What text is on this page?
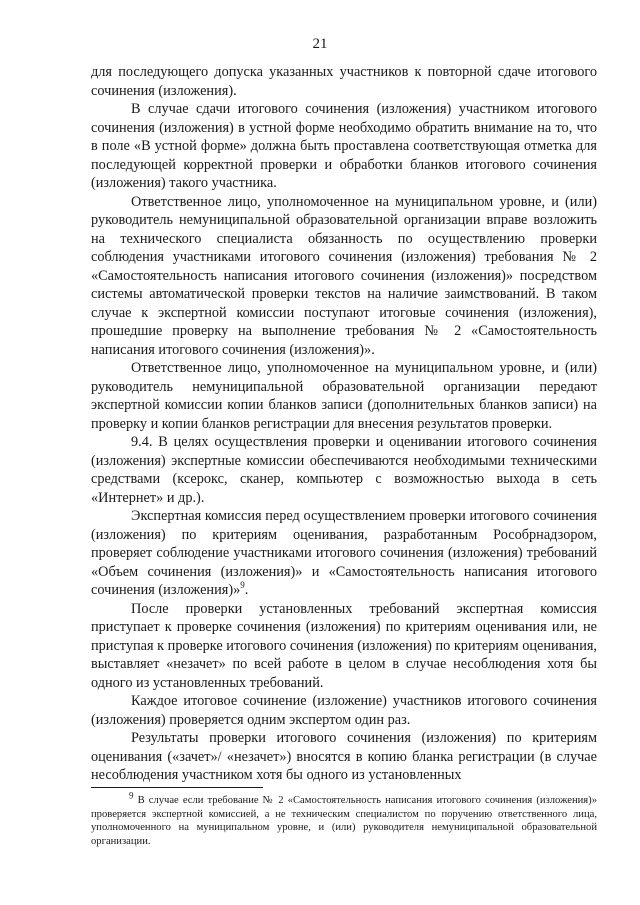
21

для последующего допуска указанных участников к повторной сдаче итогового сочинения (изложения).

В случае сдачи итогового сочинения (изложения) участником итогового сочинения (изложения) в устной форме необходимо обратить внимание на то, что в поле «В устной форме» должна быть проставлена соответствующая отметка для последующей корректной проверки и обработки бланков итогового сочинения (изложения) такого участника.

Ответственное лицо, уполномоченное на муниципальном уровне, и (или) руководитель немуниципальной образовательной организации вправе возложить на технического специалиста обязанность по осуществлению проверки соблюдения участниками итогового сочинения (изложения) требования № 2 «Самостоятельность написания итогового сочинения (изложения)» посредством системы автоматической проверки текстов на наличие заимствований. В таком случае к экспертной комиссии поступают итоговые сочинения (изложения), прошедшие проверку на выполнение требования № 2 «Самостоятельность написания итогового сочинения (изложения)».

Ответственное лицо, уполномоченное на муниципальном уровне, и (или) руководитель немуниципальной образовательной организации передают экспертной комиссии копии бланков записи (дополнительных бланков записи) на проверку и копии бланков регистрации для внесения результатов проверки.

9.4. В целях осуществления проверки и оценивании итогового сочинения (изложения) экспертные комиссии обеспечиваются необходимыми техническими средствами (ксерокс, сканер, компьютер с возможностью выхода в сеть «Интернет» и др.).

Экспертная комиссия перед осуществлением проверки итогового сочинения (изложения) по критериям оценивания, разработанным Рособрнадзором, проверяет соблюдение участниками итогового сочинения (изложения) требований «Объем сочинения (изложения)» и «Самостоятельность написания итогового сочинения (изложения)»$^9$.

После проверки установленных требований экспертная комиссия приступает к проверке сочинения (изложения) по критериям оценивания или, не приступая к проверке итогового сочинения (изложения) по критериям оценивания, выставляет «незачет» по всей работе в целом в случае несоблюдения хотя бы одного из установленных требований.

Каждое итоговое сочинение (изложение) участников итогового сочинения (изложения) проверяется одним экспертом один раз.

Результаты проверки итогового сочинения (изложения) по критериям оценивания («зачет»/ «незачет») вносятся в копию бланка регистрации (в случае несоблюдения участником хотя бы одного из установленных

$^9$ В случае если требование № 2 «Самостоятельность написания итогового сочинения (изложения)» проверяется экспертной комиссией, а не техническим специалистом по поручению ответственного лица, уполномоченного на муниципальном уровне, и (или) руководителя немуниципальной образовательной организации.
